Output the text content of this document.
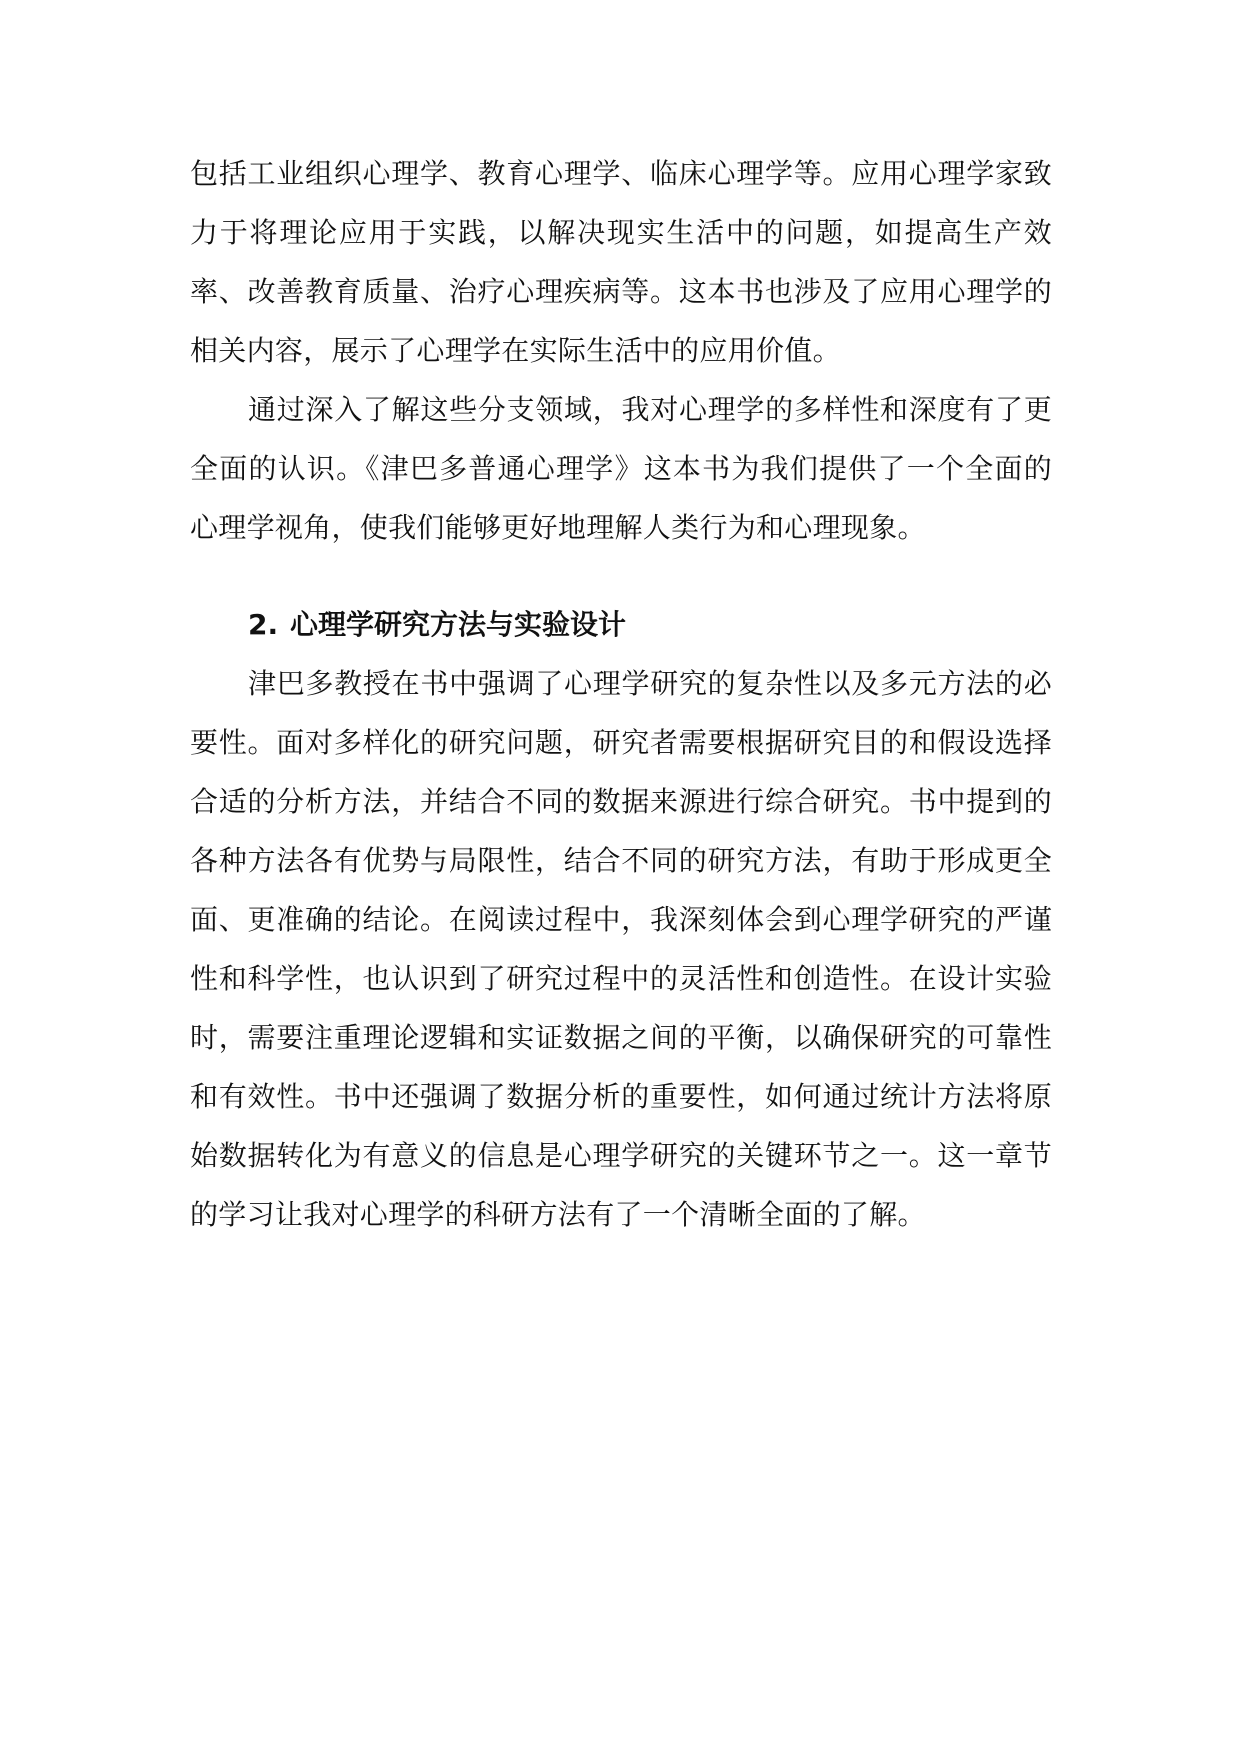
包括工业组织心理学、教育心理学、临床心理学等。应用心理学家致力于将理论应用于实践，以解决现实生活中的问题，如提高生产效率、改善教育质量、治疗心理疾病等。这本书也涉及了应用心理学的相关内容，展示了心理学在实际生活中的应用价值。

通过深入了解这些分支领域，我对心理学的多样性和深度有了更全面的认识。《津巴多普通心理学》这本书为我们提供了一个全面的心理学视角，使我们能够更好地理解人类行为和心理现象。

2. 心理学研究方法与实验设计

津巴多教授在书中强调了心理学研究的复杂性以及多元方法的必要性。面对多样化的研究问题，研究者需要根据研究目的和假设选择合适的分析方法，并结合不同的数据来源进行综合研究。书中提到的各种方法各有优势与局限性，结合不同的研究方法，有助于形成更全面、更准确的结论。在阅读过程中，我深刻体会到心理学研究的严谨性和科学性，也认识到了研究过程中的灵活性和创造性。在设计实验时，需要注重理论逻辑和实证数据之间的平衡，以确保研究的可靠性和有效性。书中还强调了数据分析的重要性，如何通过统计方法将原始数据转化为有意义的信息是心理学研究的关键环节之一。这一章节的学习让我对心理学的科研方法有了一个清晰全面的了解。
